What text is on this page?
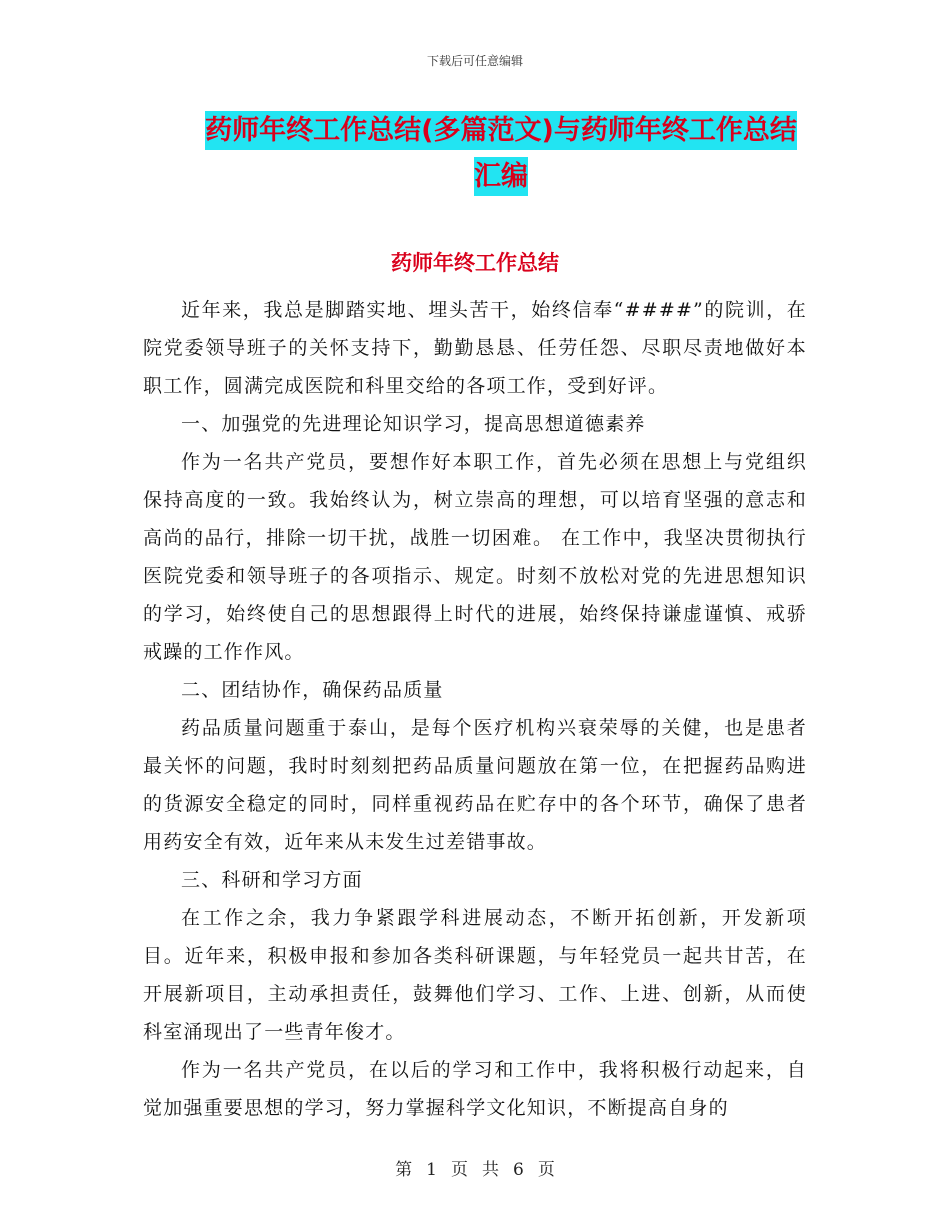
下载后可任意编辑
药师年终工作总结(多篇范文)与药师年终工作总结汇编
药师年终工作总结

近年来，我总是脚踏实地、埋头苦干，始终信奉“####”的院训，在院党委领导班子的关怀支持下，勤勤恳恳、任劳任怨、尽职尽责地做好本职工作，圆满完成医院和科里交给的各项工作，受到好评。

一、加强党的先进理论知识学习，提高思想道德素养

作为一名共产党员，要想作好本职工作，首先必须在思想上与党组织保持高度的一致。我始终认为，树立崇高的理想，可以培育坚强的意志和高尚的品行，排除一切干扰，战胜一切困难。 在工作中，我坚决贯彻执行医院党委和领导班子的各项指示、规定。时刻不放松对党的先进思想知识的学习，始终使自己的思想跟得上时代的进展，始终保持谦虚谨慎、戒骄戒躁的工作作风。

二、团结协作，确保药品质量

药品质量问题重于泰山，是每个医疗机构兴衰荣辱的关健，也是患者最关怀的问题，我时时刻刻把药品质量问题放在第一位，在把握药品购进的货源安全稳定的同时，同样重视药品在贮存中的各个环节，确保了患者用药安全有效，近年来从未发生过差错事故。

三、科研和学习方面

在工作之余，我力争紧跟学科进展动态，不断开拓创新，开发新项目。近年来，积极申报和参加各类科研课题，与年轻党员一起共甘苦，在开展新项目，主动承担责任，鼓舞他们学习、工作、上进、创新，从而使科室涌现出了一些青年俊才。

作为一名共产党员，在以后的学习和工作中，我将积极行动起来，自觉加强重要思想的学习，努力掌握科学文化知识，不断提高自身的

第 1 页 共 6 页
